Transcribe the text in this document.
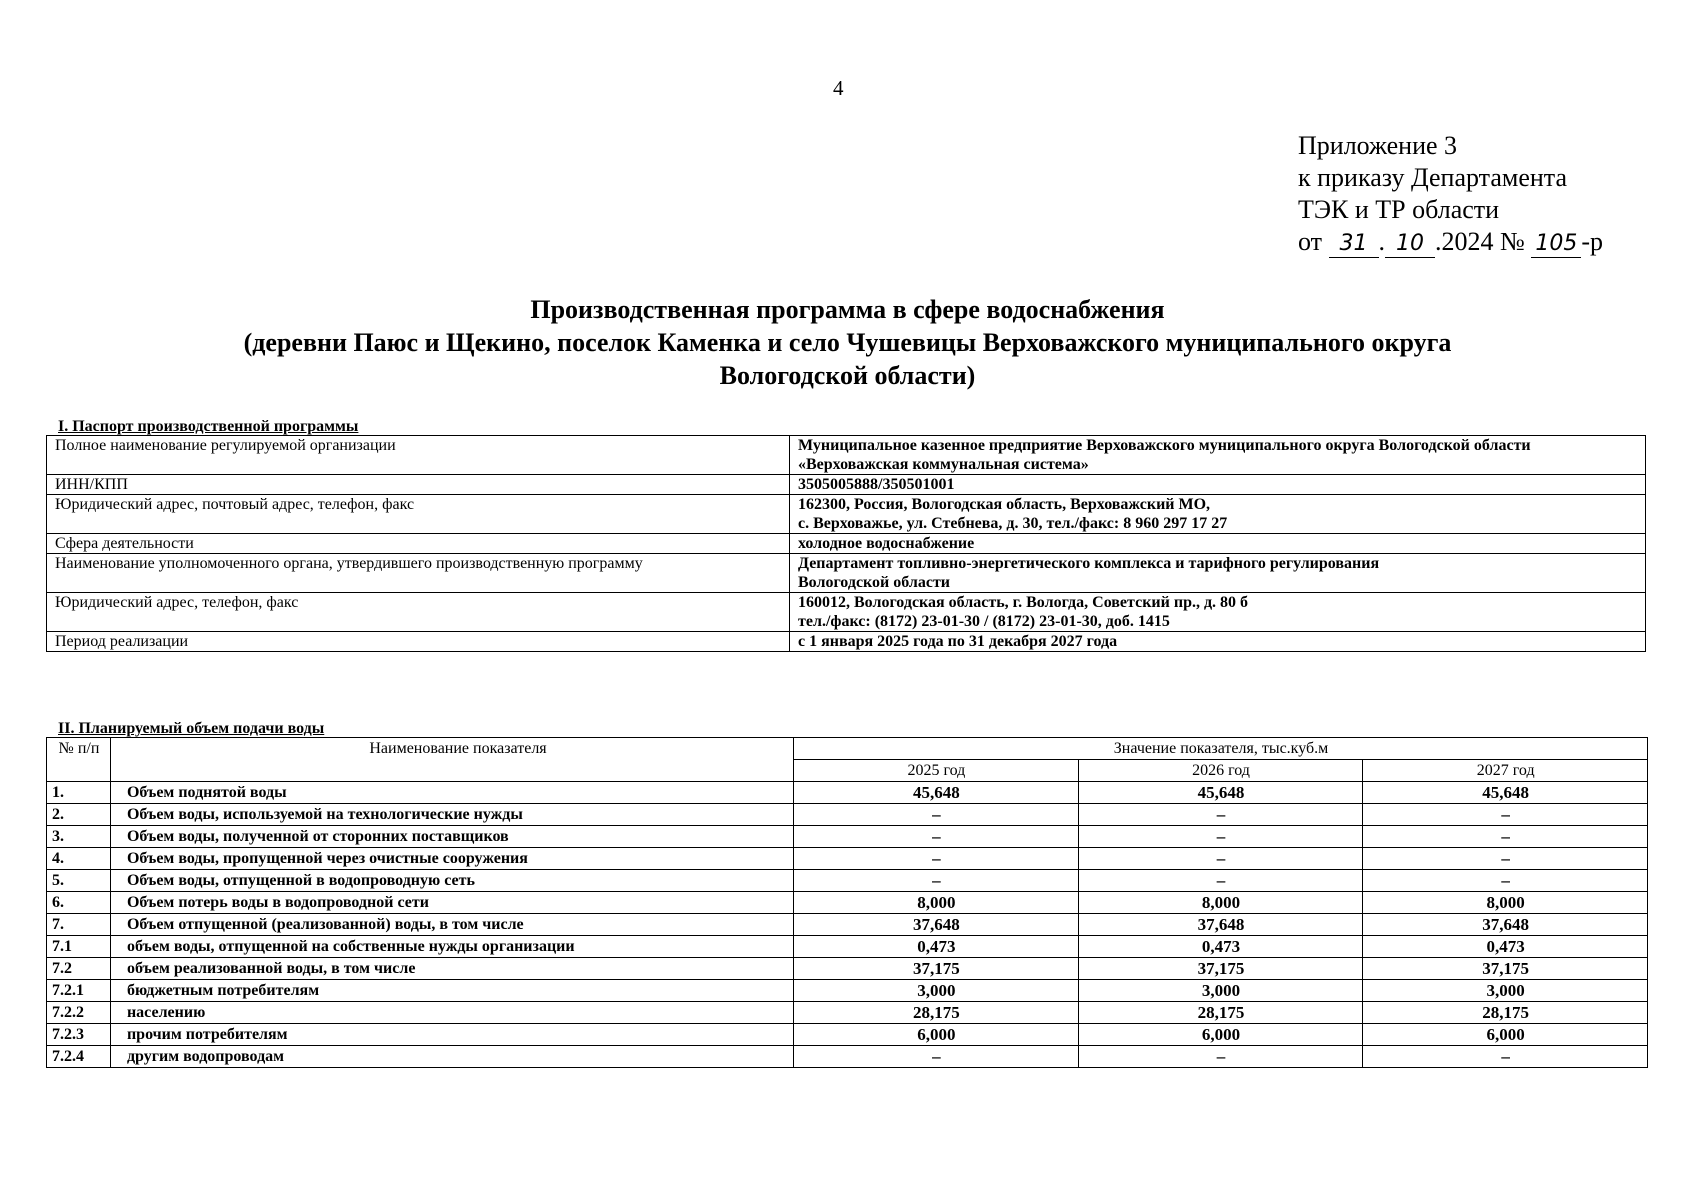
4
Приложение 3
к приказу Департамента
ТЭК и ТР области
от 31 . 10 .2024 № 105 -р
Производственная программа в сфере водоснабжения
(деревни Паюс и Щекино, поселок Каменка и село Чушевицы Верховажского муниципального округа
Вологодской области)
I. Паспорт производственной программы
Полное наименование регулируемой организации	Муниципальное казенное предприятие Верховажского муниципального округа Вологодской области «Верховажская коммунальная система»

ИНН/КПП	3505005888/350501001

Юридический адрес, почтовый адрес, телефон, факс	162300, Россия, Вологодская область, Верховажский МО,
с. Верховажье, ул. Стебнева, д. 30, тел./факс: 8 960 297 17 27

Сфера деятельности	холодное водоснабжение

Наименование уполномоченного органа, утвердившего производственную программу	Департамент топливно-энергетического комплекса и тарифного регулирования
Вологодской области

Юридический адрес, телефон, факс	160012, Вологодская область, г. Вологда, Советский пр., д. 80 б
тел./факс: (8172) 23-01-30 / (8172) 23-01-30, доб. 1415

Период реализации	с 1 января 2025 года по 31 декабря 2027 года
II. Планируемый объем подачи воды
№ п/п	Наименование показателя	Значение показателя, тыс.куб.м		
		2025 год	2026 год	2027 год
1.	Объем поднятой воды	45,648	45,648	45,648
2.	Объем воды, используемой на технологические нужды	–	–	–
3.	Объем воды, полученной от сторонних поставщиков	–	–	–
4.	Объем воды, пропущенной через очистные сооружения	–	–	–
5.	Объем воды, отпущенной в водопроводную сеть	–	–	–
6.	Объем потерь воды в водопроводной сети	8,000	8,000	8,000
7.	Объем отпущенной (реализованной) воды, в том числе	37,648	37,648	37,648
7.1	объем воды, отпущенной на собственные нужды организации	0,473	0,473	0,473
7.2	объем реализованной воды, в том числе	37,175	37,175	37,175
7.2.1	бюджетным потребителям	3,000	3,000	3,000
7.2.2	населению	28,175	28,175	28,175
7.2.3	прочим потребителям	6,000	6,000	6,000
7.2.4	другим водопроводам	–	–	–
